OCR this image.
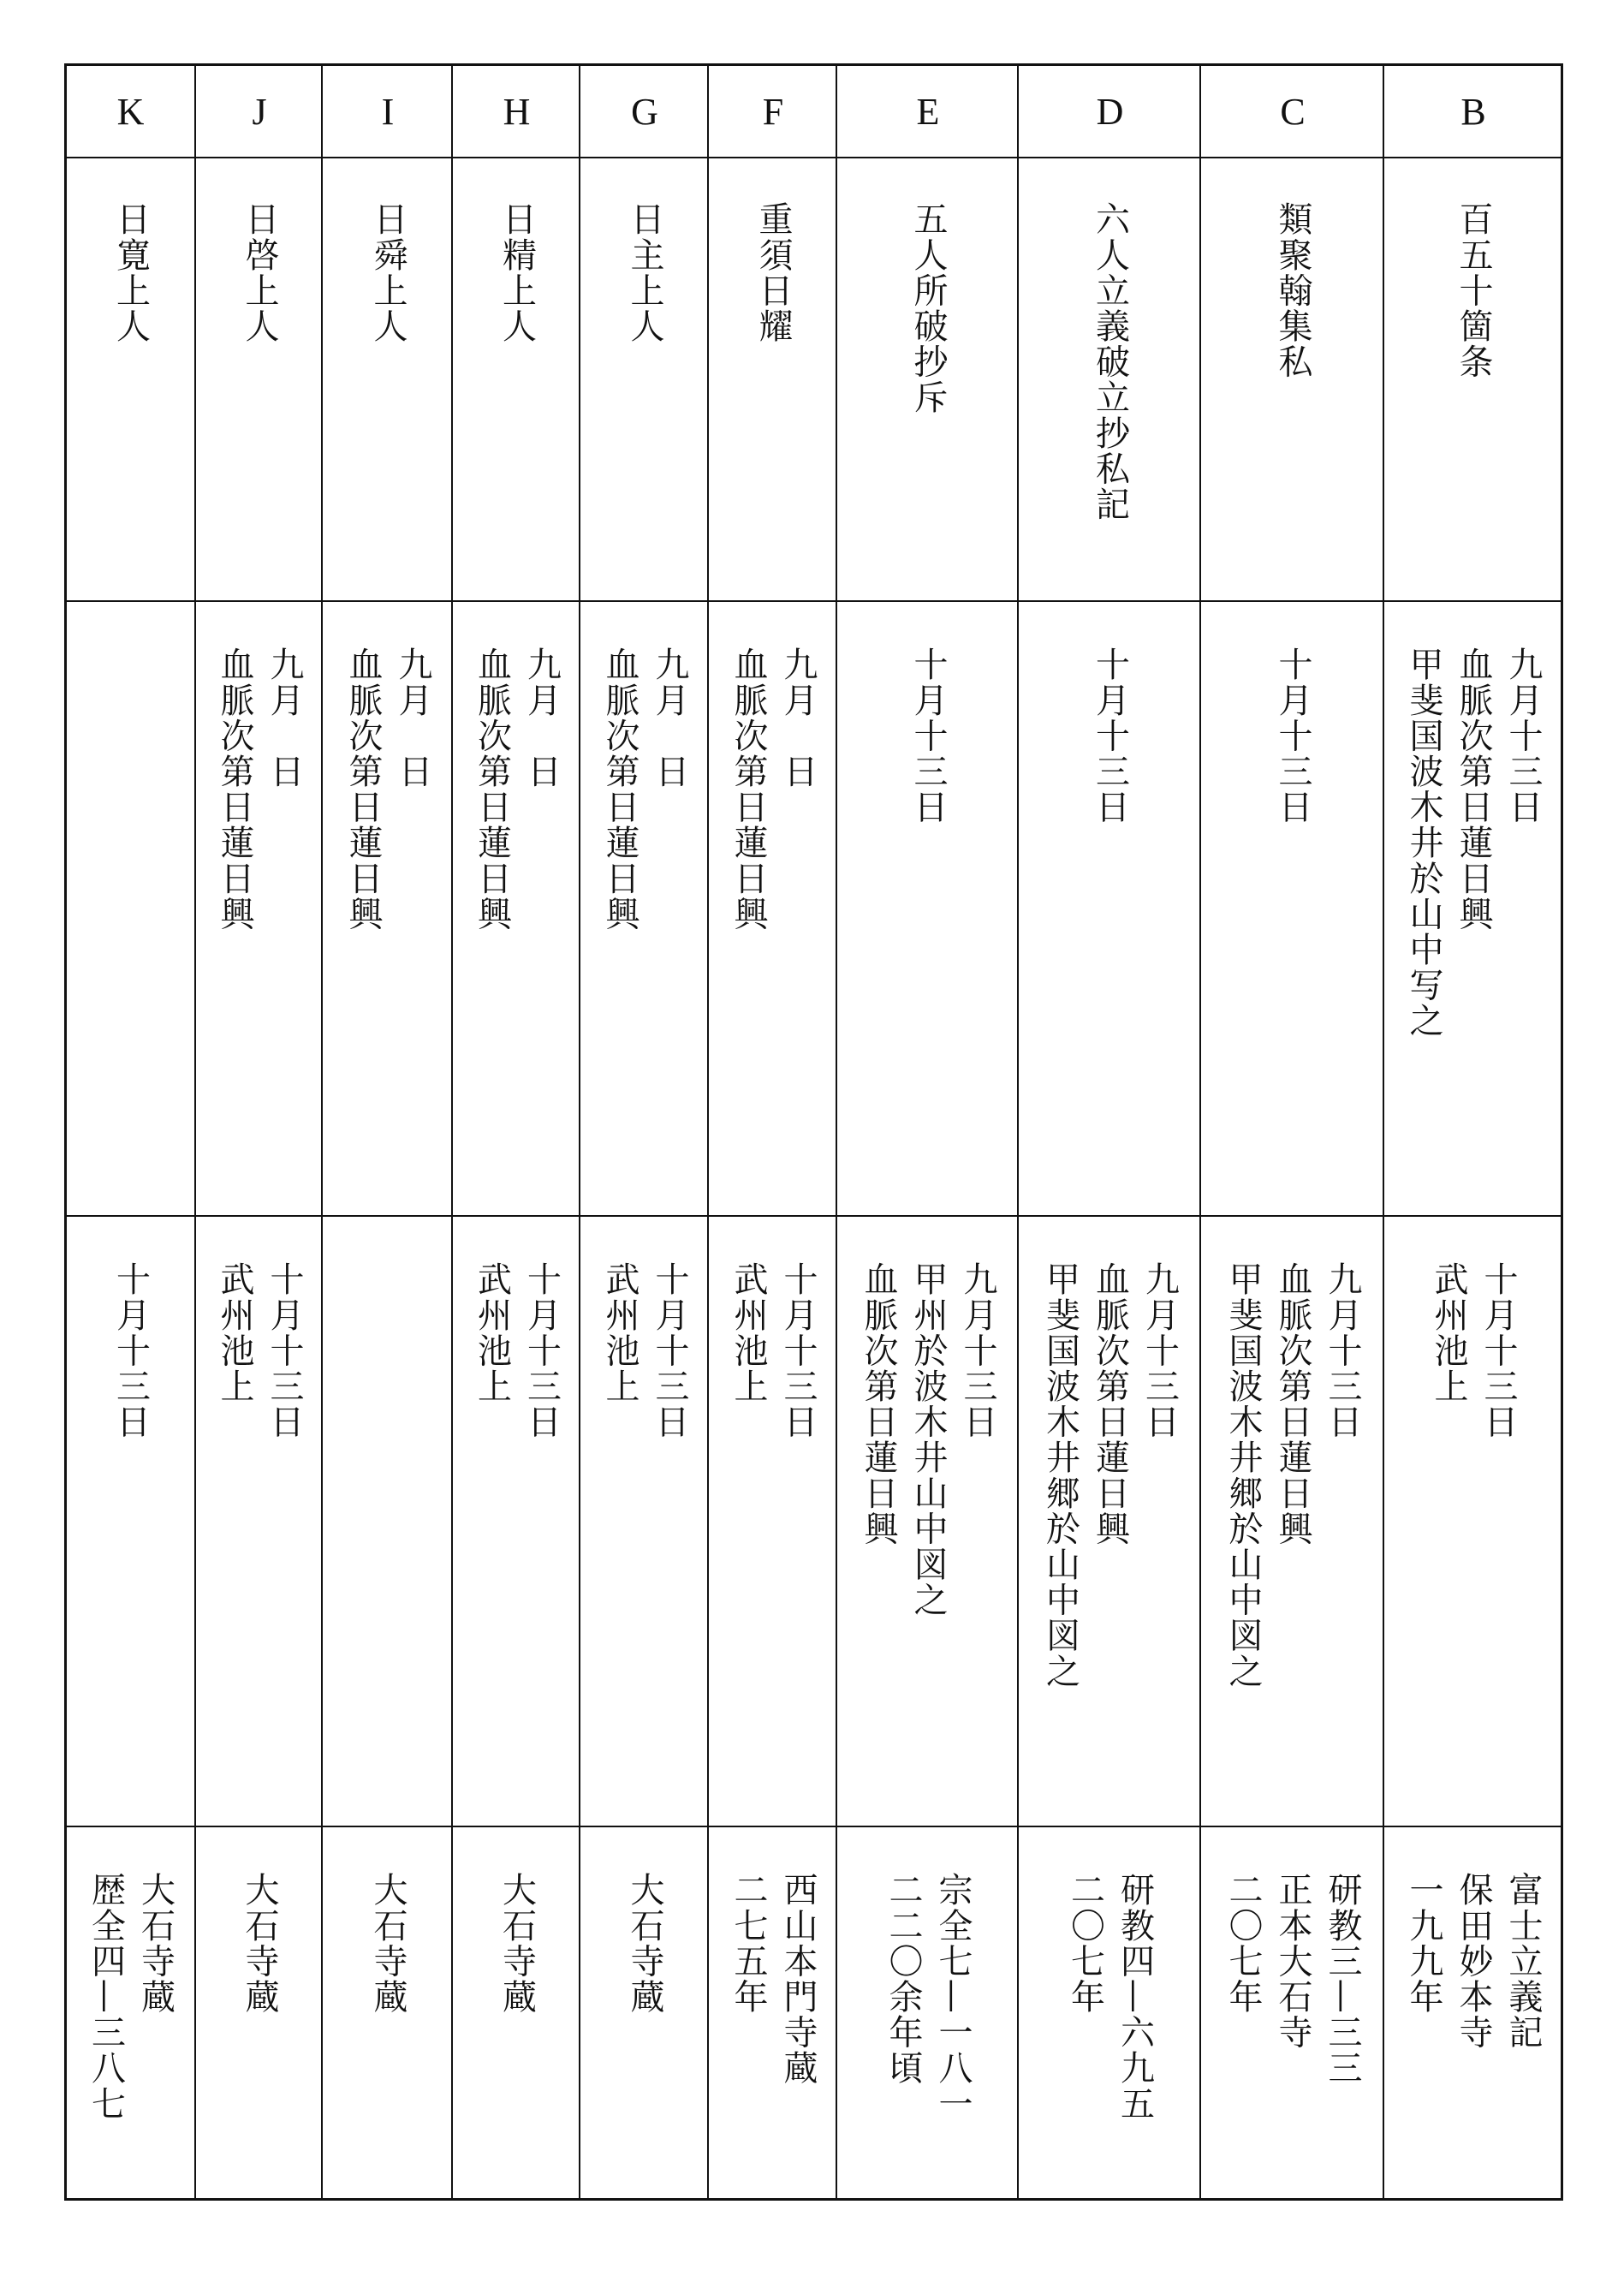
K
日寛上人
十月十三日
大石寺蔵
歴全四—三八七
J
日啓上人
九月　日
血脈次第日蓮日興
十月十三日
武州池上
大石寺蔵
I
日舜上人
九月　日
血脈次第日蓮日興
大石寺蔵
H
日精上人
九月　日
血脈次第日蓮日興
十月十三日
武州池上
大石寺蔵
G
日主上人
九月　日
血脈次第日蓮日興
十月十三日
武州池上
大石寺蔵
F
重須日耀
九月　日
血脈次第日蓮日興
十月十三日
武州池上
西山本門寺蔵
二七五年
E
五人所破抄斥
十月十三日
九月十三日
甲州於波木井山中図之
血脈次第日蓮日興
宗全七—一八一
二二〇余年頃
D
六人立義破立抄私記
十月十三日
九月十三日
血脈次第日蓮日興
甲斐国波木井郷於山中図之
研教四—六九五
二〇七年
C
類聚翰集私
十月十三日
九月十三日
血脈次第日蓮日興
甲斐国波木井郷於山中図之
研教三—三三
正本大石寺
二〇七年
B
百五十箇条
九月十三日
血脈次第日蓮日興
甲斐国波木井於山中写之
十月十三日
武州池上
富士立義記
保田妙本寺
一九九年
